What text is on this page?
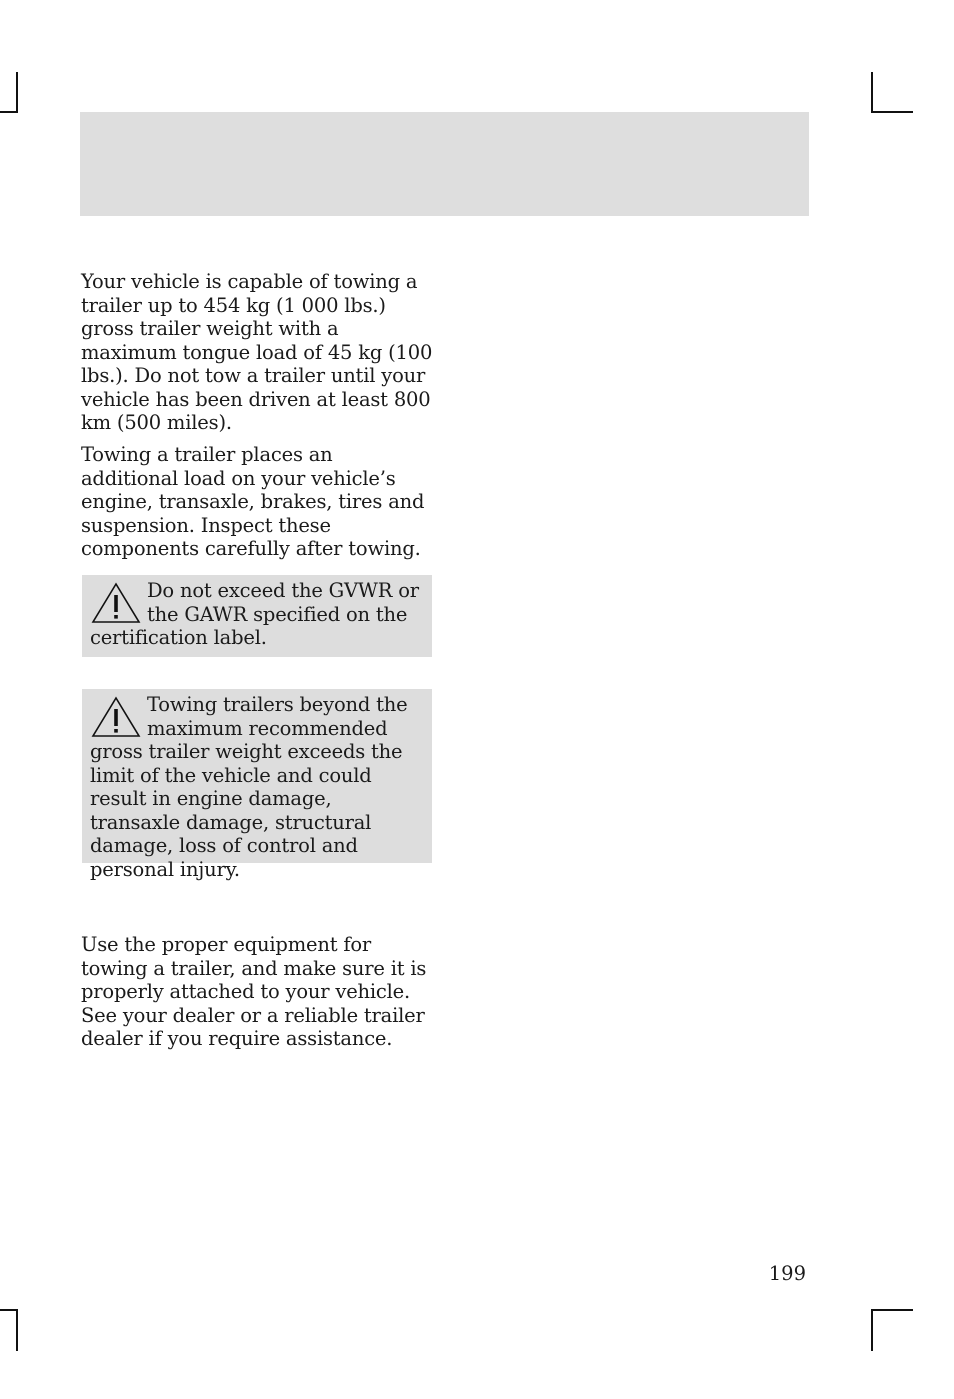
Your vehicle is capable of towing a trailer up to 454 kg (1 000 lbs.) gross trailer weight with a maximum tongue load of 45 kg (100 lbs.). Do not tow a trailer until your vehicle has been driven at least 800 km (500 miles).

Towing a trailer places an additional load on your vehicle’s engine, transaxle, brakes, tires and suspension. Inspect these components carefully after towing.

Do not exceed the GVWR or the GAWR specified on the certification label.

Towing trailers beyond the maximum recommended gross trailer weight exceeds the limit of the vehicle and could result in engine damage, transaxle damage, structural damage, loss of control and personal injury.

Use the proper equipment for towing a trailer, and make sure it is properly attached to your vehicle. See your dealer or a reliable trailer dealer if you require assistance.

199
